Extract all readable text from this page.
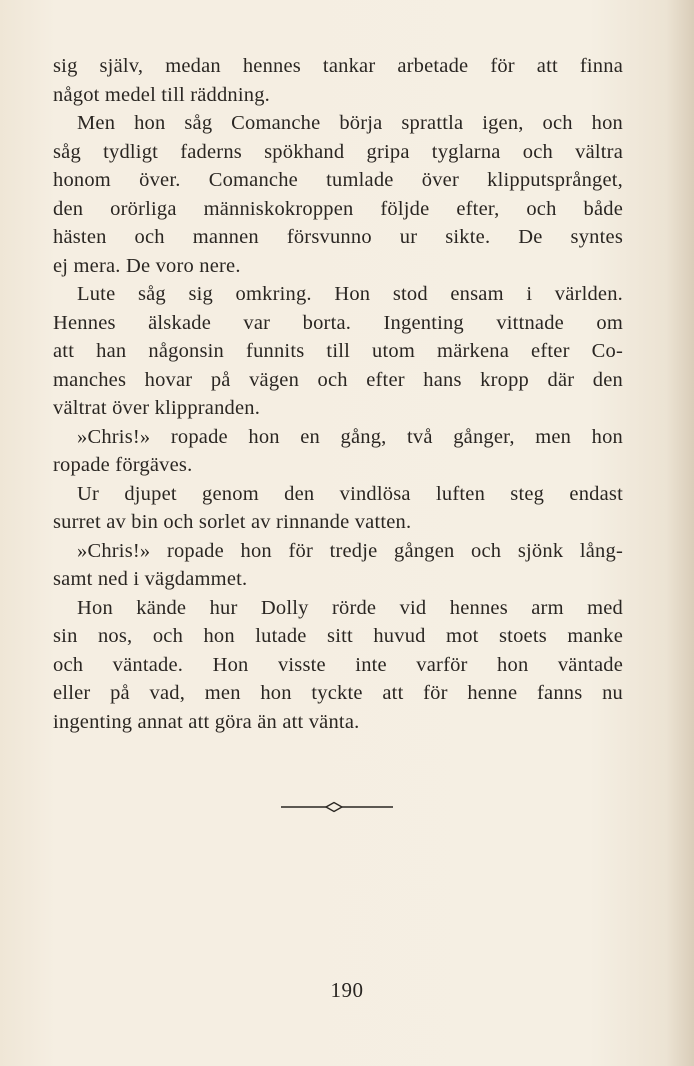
sig själv, medan hennes tankar arbetade för att finna
något medel till räddning.
Men hon såg Comanche börja sprattla igen, och hon
såg tydligt faderns spökhand gripa tyglarna och vältra
honom över. Comanche tumlade över klipputsprånget,
den orörliga människokroppen följde efter, och både
hästen och mannen försvunno ur sikte. De syntes
ej mera. De voro nere.
Lute såg sig omkring. Hon stod ensam i världen.
Hennes älskade var borta. Ingenting vittnade om
att han någonsin funnits till utom märkena efter Co-
manches hovar på vägen och efter hans kropp där den
vältrat över klippranden.
»Chris!» ropade hon en gång, två gånger, men hon
ropade förgäves.
Ur djupet genom den vindlösa luften steg endast
surret av bin och sorlet av rinnande vatten.
»Chris!» ropade hon för tredje gången och sjönk lång-
samt ned i vägdammet.
Hon kände hur Dolly rörde vid hennes arm med
sin nos, och hon lutade sitt huvud mot stoets manke
och väntade. Hon visste inte varför hon väntade
eller på vad, men hon tyckte att för henne fanns nu
ingenting annat att göra än att vänta.
190
